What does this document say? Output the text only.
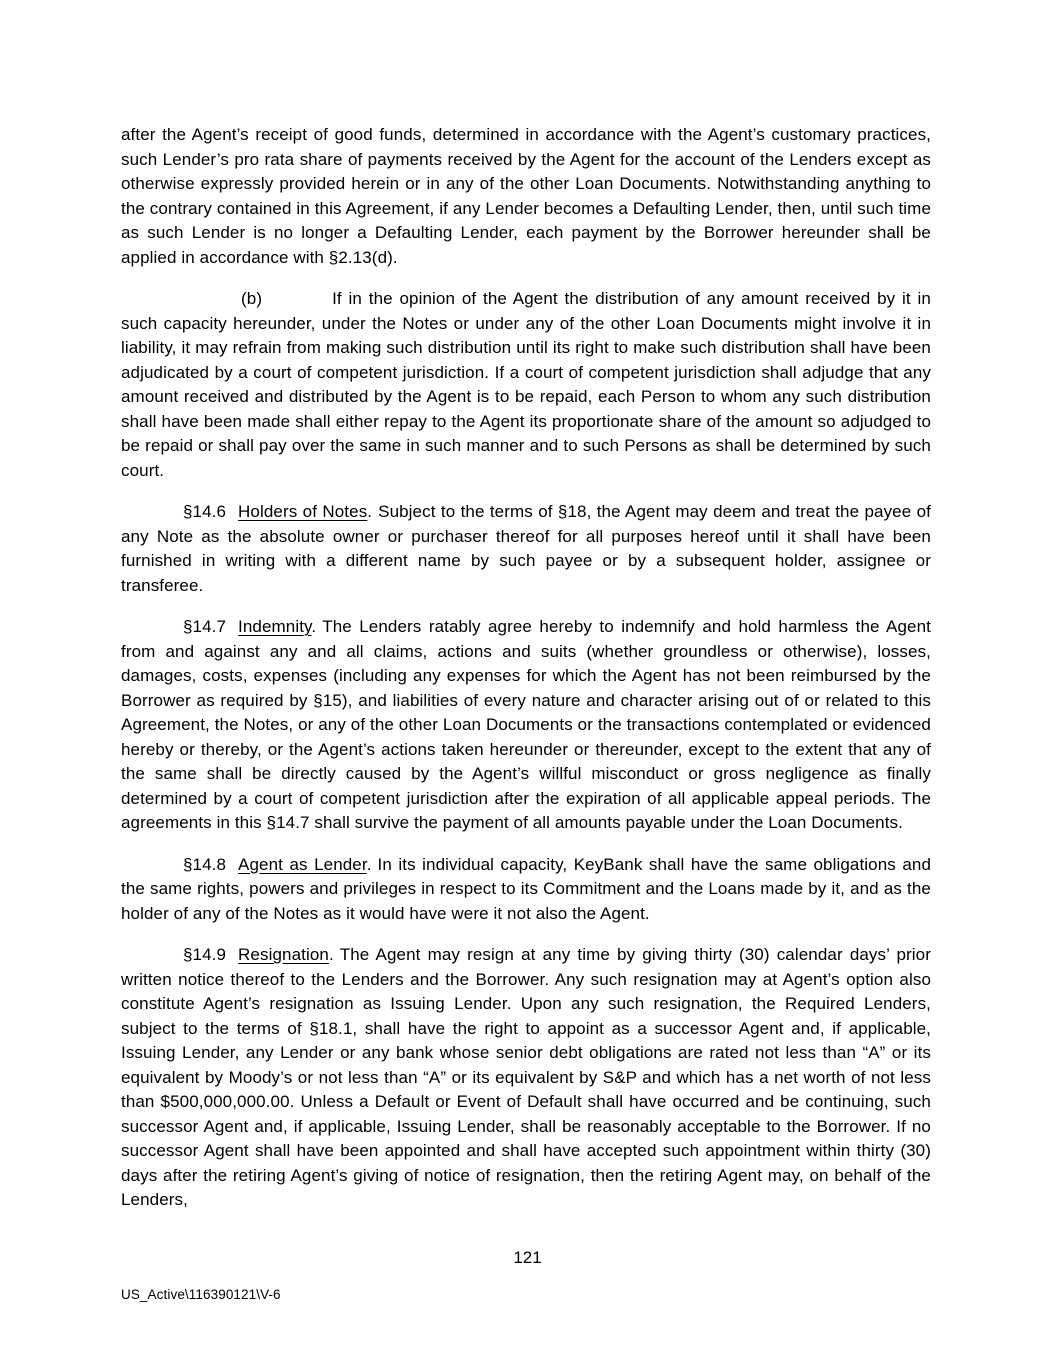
after the Agent’s receipt of good funds, determined in accordance with the Agent’s customary practices, such Lender’s pro rata share of payments received by the Agent for the account of the Lenders except as otherwise expressly provided herein or in any of the other Loan Documents. Notwithstanding anything to the contrary contained in this Agreement, if any Lender becomes a Defaulting Lender, then, until such time as such Lender is no longer a Defaulting Lender, each payment by the Borrower hereunder shall be applied in accordance with §2.13(d).

(b)	If in the opinion of the Agent the distribution of any amount received by it in such capacity hereunder, under the Notes or under any of the other Loan Documents might involve it in liability, it may refrain from making such distribution until its right to make such distribution shall have been adjudicated by a court of competent jurisdiction. If a court of competent jurisdiction shall adjudge that any amount received and distributed by the Agent is to be repaid, each Person to whom any such distribution shall have been made shall either repay to the Agent its proportionate share of the amount so adjudged to be repaid or shall pay over the same in such manner and to such Persons as shall be determined by such court.

§14.6 Holders of Notes. Subject to the terms of §18, the Agent may deem and treat the payee of any Note as the absolute owner or purchaser thereof for all purposes hereof until it shall have been furnished in writing with a different name by such payee or by a subsequent holder, assignee or transferee.

§14.7 Indemnity. The Lenders ratably agree hereby to indemnify and hold harmless the Agent from and against any and all claims, actions and suits (whether groundless or otherwise), losses, damages, costs, expenses (including any expenses for which the Agent has not been reimbursed by the Borrower as required by §15), and liabilities of every nature and character arising out of or related to this Agreement, the Notes, or any of the other Loan Documents or the transactions contemplated or evidenced hereby or thereby, or the Agent’s actions taken hereunder or thereunder, except to the extent that any of the same shall be directly caused by the Agent’s willful misconduct or gross negligence as finally determined by a court of competent jurisdiction after the expiration of all applicable appeal periods. The agreements in this §14.7 shall survive the payment of all amounts payable under the Loan Documents.

§14.8 Agent as Lender. In its individual capacity, KeyBank shall have the same obligations and the same rights, powers and privileges in respect to its Commitment and the Loans made by it, and as the holder of any of the Notes as it would have were it not also the Agent.

§14.9 Resignation. The Agent may resign at any time by giving thirty (30) calendar days’ prior written notice thereof to the Lenders and the Borrower. Any such resignation may at Agent’s option also constitute Agent’s resignation as Issuing Lender. Upon any such resignation, the Required Lenders, subject to the terms of §18.1, shall have the right to appoint as a successor Agent and, if applicable, Issuing Lender, any Lender or any bank whose senior debt obligations are rated not less than “A” or its equivalent by Moody’s or not less than “A” or its equivalent by S&P and which has a net worth of not less than $500,000,000.00. Unless a Default or Event of Default shall have occurred and be continuing, such successor Agent and, if applicable, Issuing Lender, shall be reasonably acceptable to the Borrower. If no successor Agent shall have been appointed and shall have accepted such appointment within thirty (30) days after the retiring Agent’s giving of notice of resignation, then the retiring Agent may, on behalf of the Lenders,

121
US_Active\116390121\V-6
